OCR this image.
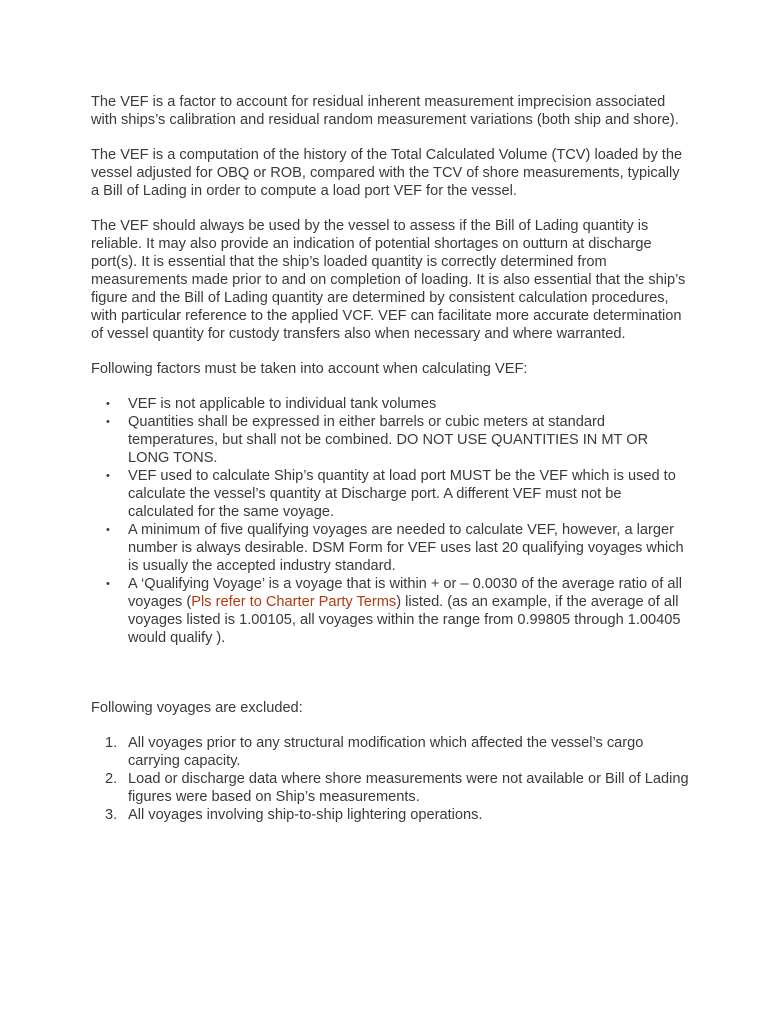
The VEF is a factor to account for residual inherent measurement imprecision associated with ships’s calibration and residual random measurement variations (both ship and shore).

The VEF is a computation of the history of the Total Calculated Volume (TCV) loaded by the vessel adjusted for OBQ or ROB, compared with the TCV of shore measurements, typically a Bill of Lading in order to compute a load port VEF for the vessel.

The VEF should always be used by the vessel to assess if the Bill of Lading quantity is reliable. It may also provide an indication of potential shortages on outturn at discharge port(s). It is essential that the ship’s loaded quantity is correctly determined from measurements made prior to and on completion of loading. It is also essential that the ship’s figure and the Bill of Lading quantity are determined by consistent calculation procedures, with particular reference to the applied VCF. VEF can facilitate more accurate determination of vessel quantity for custody transfers also when necessary and where warranted.

Following factors must be taken into account when calculating VEF:

• VEF is not applicable to individual tank volumes
• Quantities shall be expressed in either barrels or cubic meters at standard temperatures, but shall not be combined. DO NOT USE QUANTITIES IN MT OR LONG TONS.
• VEF used to calculate Ship’s quantity at load port MUST be the VEF which is used to calculate the vessel’s quantity at Discharge port. A different VEF must not be calculated for the same voyage.
• A minimum of five qualifying voyages are needed to calculate VEF, however, a larger number is always desirable. DSM Form for VEF uses last 20 qualifying voyages which is usually the accepted industry standard.
• A ‘Qualifying Voyage’ is a voyage that is within + or – 0.0030 of the average ratio of all voyages (Pls refer to Charter Party Terms) listed. (as an example, if the average of all voyages listed is 1.00105, all voyages within the range from 0.99805 through 1.00405 would qualify ).

Following voyages are excluded:

1. All voyages prior to any structural modification which affected the vessel’s cargo carrying capacity.
2. Load or discharge data where shore measurements were not available or Bill of Lading figures were based on Ship’s measurements.
3. All voyages involving ship-to-ship lightering operations.
